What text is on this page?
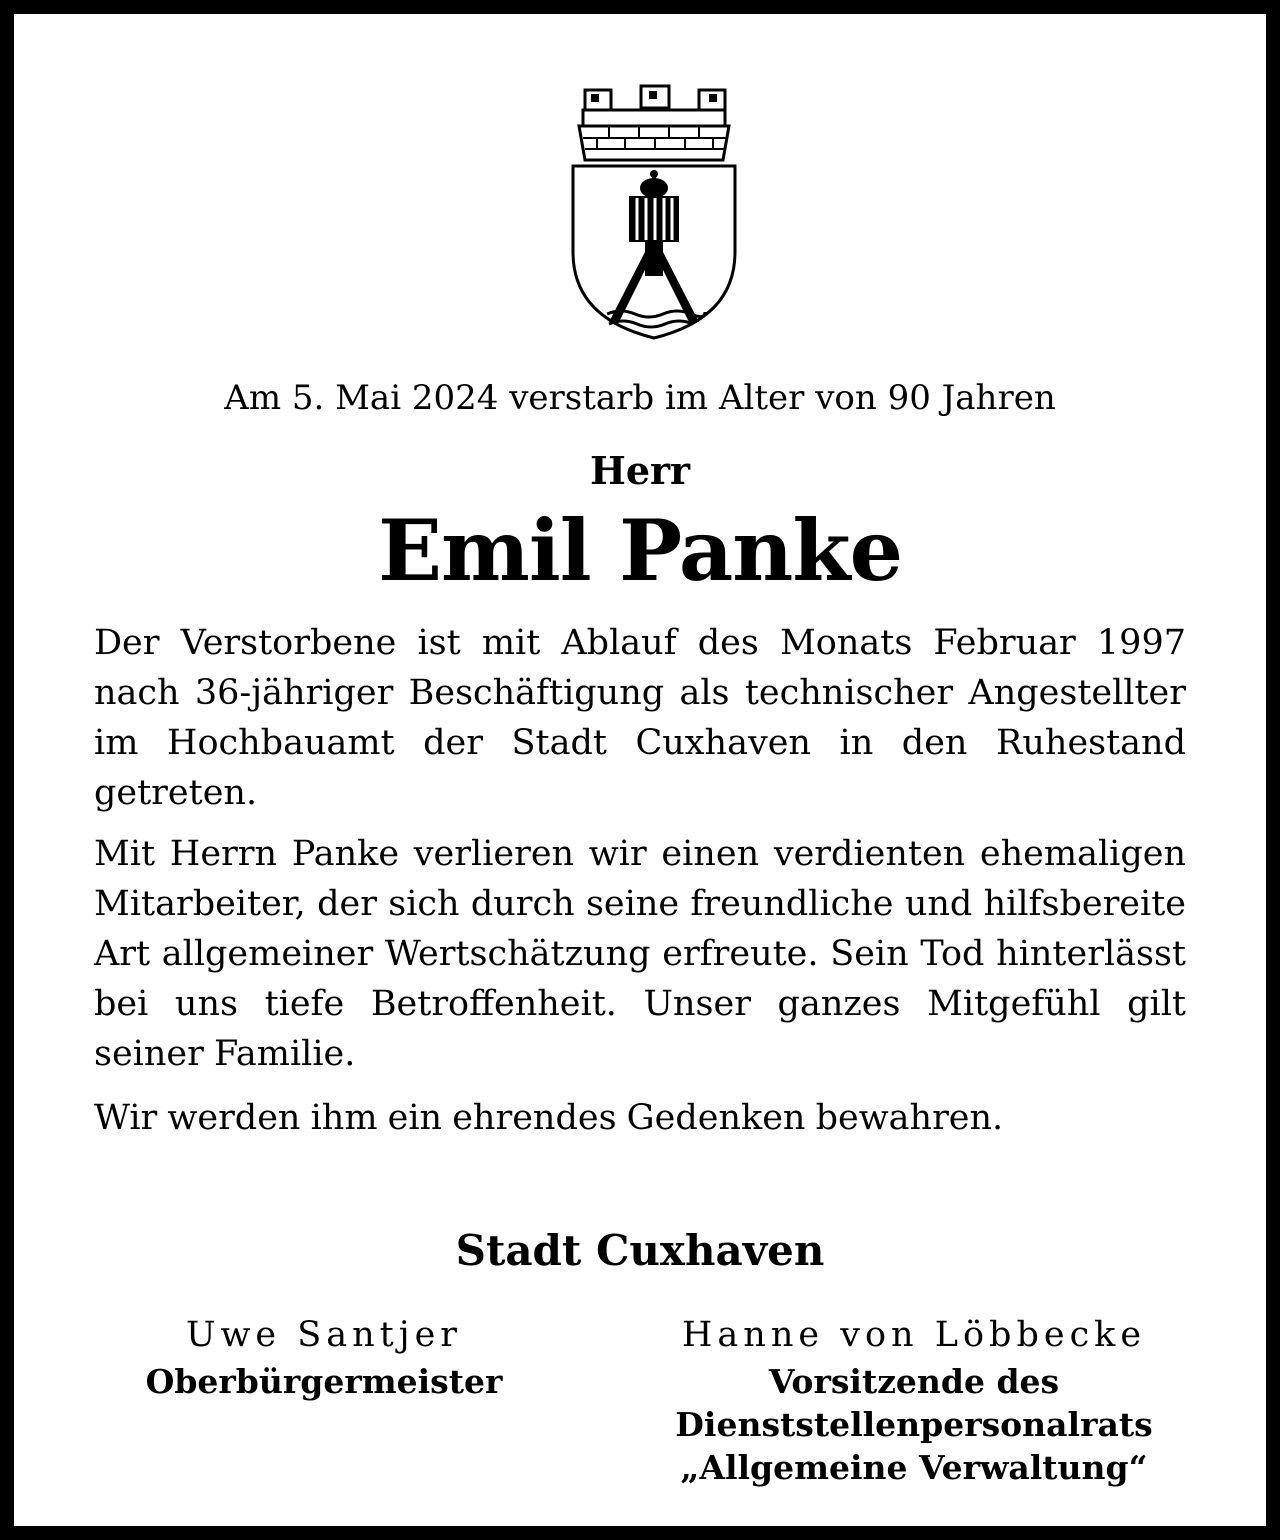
Am 5. Mai 2024 verstarb im Alter von 90 Jahren
Herr
Emil Panke

Der Verstorbene ist mit Ablauf des Monats Februar 1997 nach 36-jähriger Beschäftigung als technischer Angestellter im Hochbauamt der Stadt Cuxhaven in den Ruhestand getreten.

Mit Herrn Panke verlieren wir einen verdienten ehemaligen Mitarbeiter, der sich durch seine freundliche und hilfsbereite Art allgemeiner Wertschätzung erfreute. Sein Tod hinterlässt bei uns tiefe Betroffenheit. Unser ganzes Mitgefühl gilt seiner Familie.

Wir werden ihm ein ehrendes Gedenken bewahren.

Stadt Cuxhaven
Uwe Santjer
Oberbürgermeister
Hanne von Löbbecke
Vorsitzende des
Dienststellenpersonalrats
„Allgemeine Verwaltung“
